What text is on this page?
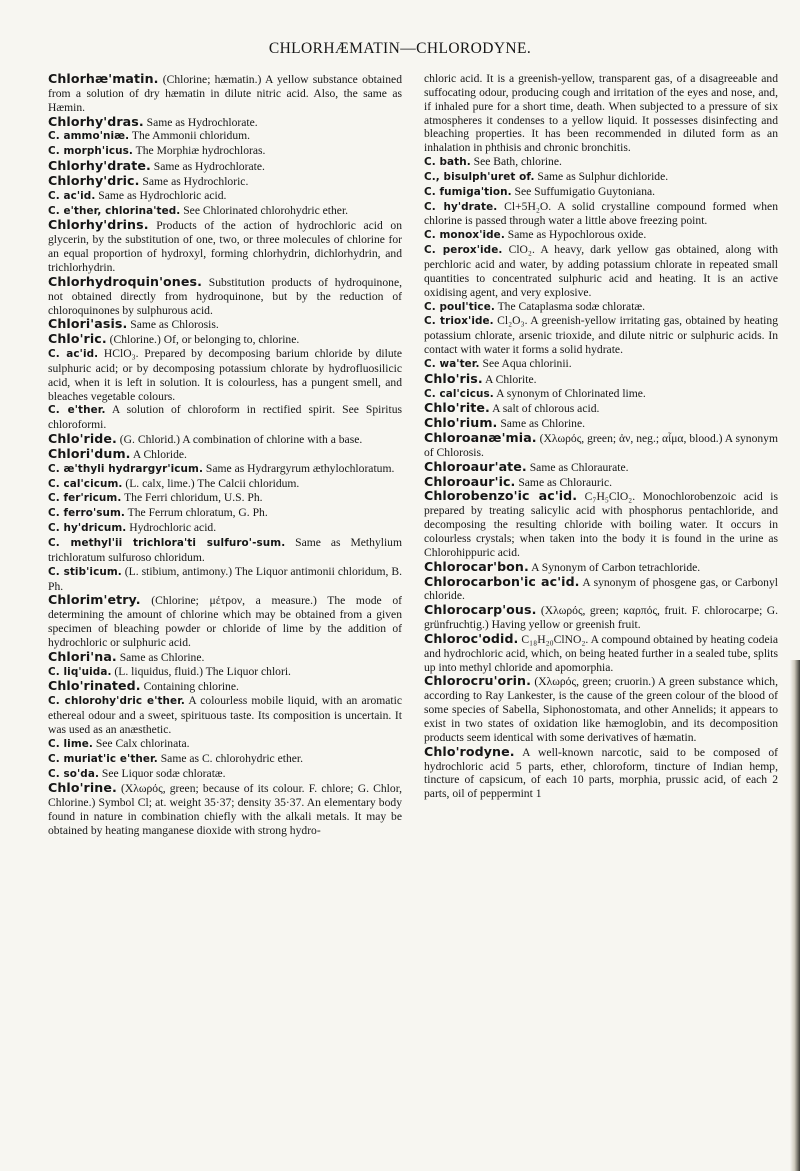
CHLORHÆMATIN—CHLORODYNE.

Chlorhæ'matin. (Chlorine; hæmatin.) A yellow substance obtained from a solution of dry hæmatin in dilute nitric acid. Also, the same as Hæmin.

Chlorhy'dras. Same as Hydrochlorate.

C. ammo'niæ. The Ammonii chloridum.

C. morph'icus. The Morphiæ hydrochloras.

Chlorhy'drate. Same as Hydrochlorate.

Chlorhy'dric. Same as Hydrochloric.

C. ac'id. Same as Hydrochloric acid.

C. e'ther, chlorina'ted. See Chlorinated chlorohydric ether.

Chlorhy'drins. Products of the action of hydrochloric acid on glycerin, by the substitution of one, two, or three molecules of chlorine for an equal proportion of hydroxyl, forming chlorhydrin, dichlorhydrin, and trichlorhydrin.

Chlorhydroquin'ones. Substitution products of hydroquinone, not obtained directly from hydroquinone, but by the reduction of chloroquinones by sulphurous acid.

Chlori'asis. Same as Chlorosis.

Chlo'ric. (Chlorine.) Of, or belonging to, chlorine.

C. ac'id. HClO₃. Prepared by decomposing barium chloride by dilute sulphuric acid; or by decomposing potassium chlorate by hydrofluosilicic acid, when it is left in solution. It is colourless, has a pungent smell, and bleaches vegetable colours.

C. e'ther. A solution of chloroform in rectified spirit. See Spiritus chloroformi.

Chlo'ride. (G. Chlorid.) A combination of chlorine with a base.

Chlori'dum. A Chloride.

C. æ'thyli hydrargyr'icum. Same as Hydrargyrum æthylochloratum.

C. cal'cicum. (L. calx, lime.) The Calcii chloridum.

C. fer'ricum. The Ferri chloridum, U.S. Ph.

C. ferro'sum. The Ferrum chloratum, G. Ph.

C. hy'dricum. Hydrochloric acid.

C. methyl'ii trichlora'ti sulfuro'-sum. Same as Methylium trichloratum sulfuroso chloridum.

C. stib'icum. (L. stibium, antimony.) The Liquor antimonii chloridum, B. Ph.

Chlorim'etry. (Chlorine; μέτρον, a measure.) The mode of determining the amount of chlorine which may be obtained from a given specimen of bleaching powder or chloride of lime by the addition of hydrochloric or sulphuric acid.

Chlori'na. Same as Chlorine.

C. liq'uida. (L. liquidus, fluid.) The Liquor chlori.

Chlo'rinated. Containing chlorine.

C. chlorohy'dric e'ther. A colourless mobile liquid, with an aromatic ethereal odour and a sweet, spirituous taste. Its composition is uncertain. It was used as an anæsthetic.

C. lime. See Calx chlorinata.

C. muriat'ic e'ther. Same as C. chlorohydric ether.

C. so'da. See Liquor sodæ chloratæ.

Chlo'rine. (Χλωρός, green; because of its colour. F. chlore; G. Chlor, Chlorine.) Symbol Cl; at. weight 35·37; density 35·37. An elementary body found in nature in combination chiefly with the alkali metals. It may be obtained by heating manganese dioxide with strong hydro-

chloric acid. It is a greenish-yellow, transparent gas, of a disagreeable and suffocating odour, producing cough and irritation of the eyes and nose, and, if inhaled pure for a short time, death. When subjected to a pressure of six atmospheres it condenses to a yellow liquid. It possesses disinfecting and bleaching properties. It has been recommended in diluted form as an inhalation in phthisis and chronic bronchitis.

C. bath. See Bath, chlorine.

C., bisulph'uret of. Same as Sulphur dichloride.

C. fumiga'tion. See Suffumigatio Guytoniana.

C. hy'drate. Cl+5H₂O. A solid crystalline compound formed when chlorine is passed through water a little above freezing point.

C. monox'ide. Same as Hypochlorous oxide.

C. perox'ide. ClO₂. A heavy, dark yellow gas obtained, along with perchloric acid and water, by adding potassium chlorate in repeated small quantities to concentrated sulphuric acid and heating. It is an active oxidising agent, and very explosive.

C. poul'tice. The Cataplasma sodæ chloratæ.

C. triox'ide. Cl₂O₃. A greenish-yellow irritating gas, obtained by heating potassium chlorate, arsenic trioxide, and dilute nitric or sulphuric acids. In contact with water it forms a solid hydrate.

C. wa'ter. See Aqua chlorinii.

Chlo'ris. A Chlorite.

C. cal'cicus. A synonym of Chlorinated lime.

Chlo'rite. A salt of chlorous acid.

Chlo'rium. Same as Chlorine.

Chloroanæ'mia. (Χλωρός, green; ἀν, neg.; αἷμα, blood.) A synonym of Chlorosis.

Chloroaur'ate. Same as Chloraurate.

Chloroaur'ic. Same as Chlorauric.

Chlorobenzo'ic ac'id. C₇H₅ClO₂. Monochlorobenzoic acid is prepared by treating salicylic acid with phosphorus pentachloride, and decomposing the resulting chloride with boiling water. It occurs in colourless crystals; when taken into the body it is found in the urine as Chlorohippuric acid.

Chlorocar'bon. A Synonym of Carbon tetrachloride.

Chlorocarbon'ic ac'id. A synonym of phosgene gas, or Carbonyl chloride.

Chlorocarp'ous. (Χλωρός, green; καρπός, fruit. F. chlorocarpe; G. grünfruchtig.) Having yellow or greenish fruit.

Chloroc'odid. C₁₈H₂₀ClNO₂. A compound obtained by heating codeia and hydrochloric acid, which, on being heated further in a sealed tube, splits up into methyl chloride and apomorphia.

Chlorocru'orin. (Χλωρός, green; cruorin.) A green substance which, according to Ray Lankester, is the cause of the green colour of the blood of some species of Sabella, Siphonostomata, and other Annelids; it appears to exist in two states of oxidation like hæmoglobin, and its decomposition products seem identical with some derivatives of hæmatin.

Chlo'rodyne. A well-known narcotic, said to be composed of hydrochloric acid 5 parts, ether, chloroform, tincture of Indian hemp, tincture of capsicum, of each 10 parts, morphia, prussic acid, of each 2 parts, oil of peppermint 1
